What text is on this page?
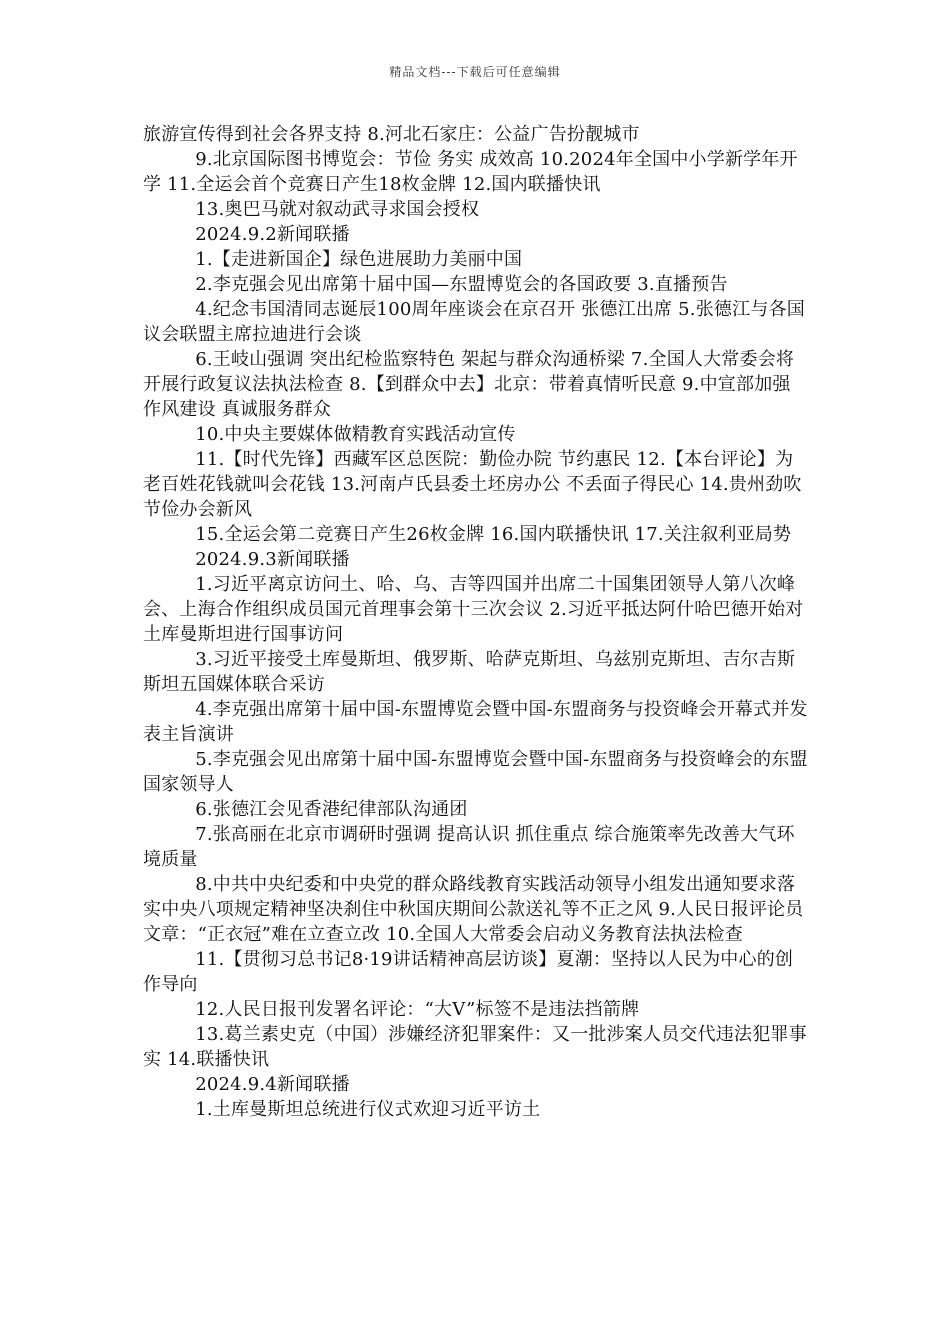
精品文档---下载后可任意编辑

旅游宣传得到社会各界支持 8.河北石家庄：公益广告扮靓城市

9.北京国际图书博览会：节俭 务实 成效高 10.2024年全国中小学新学年开学 11.全运会首个竞赛日产生18枚金牌 12.国内联播快讯

13.奥巴马就对叙动武寻求国会授权

2024.9.2新闻联播

1.【走进新国企】绿色进展助力美丽中国

2.李克强会见出席第十届中国—东盟博览会的各国政要 3.直播预告

4.纪念韦国清同志诞辰100周年座谈会在京召开 张德江出席 5.张德江与各国议会联盟主席拉迪进行会谈

6.王岐山强调 突出纪检监察特色 架起与群众沟通桥梁 7.全国人大常委会将开展行政复议法执法检查 8.【到群众中去】北京：带着真情听民意 9.中宣部加强作风建设 真诚服务群众

10.中央主要媒体做精教育实践活动宣传

11.【时代先锋】西藏军区总医院：勤俭办院 节约惠民 12.【本台评论】为老百姓花钱就叫会花钱 13.河南卢氏县委土坯房办公 不丢面子得民心 14.贵州劲吹节俭办会新风

15.全运会第二竞赛日产生26枚金牌 16.国内联播快讯 17.关注叙利亚局势

2024.9.3新闻联播

1.习近平离京访问土、哈、乌、吉等四国并出席二十国集团领导人第八次峰会、上海合作组织成员国元首理事会第十三次会议 2.习近平抵达阿什哈巴德开始对土库曼斯坦进行国事访问

3.习近平接受土库曼斯坦、俄罗斯、哈萨克斯坦、乌兹别克斯坦、吉尔吉斯斯坦五国媒体联合采访

4.李克强出席第十届中国-东盟博览会暨中国-东盟商务与投资峰会开幕式并发表主旨演讲

5.李克强会见出席第十届中国-东盟博览会暨中国-东盟商务与投资峰会的东盟国家领导人

6.张德江会见香港纪律部队沟通团

7.张高丽在北京市调研时强调 提高认识 抓住重点 综合施策率先改善大气环境质量

8.中共中央纪委和中央党的群众路线教育实践活动领导小组发出通知要求落实中央八项规定精神坚决刹住中秋国庆期间公款送礼等不正之风 9.人民日报评论员文章：“正衣冠”难在立查立改 10.全国人大常委会启动义务教育法执法检查

11.【贯彻习总书记8·19讲话精神高层访谈】夏潮：坚持以人民为中心的创作导向

12.人民日报刊发署名评论：“大V”标签不是违法挡箭牌

13.葛兰素史克（中国）涉嫌经济犯罪案件：又一批涉案人员交代违法犯罪事实 14.联播快讯

2024.9.4新闻联播

1.土库曼斯坦总统进行仪式欢迎习近平访土
